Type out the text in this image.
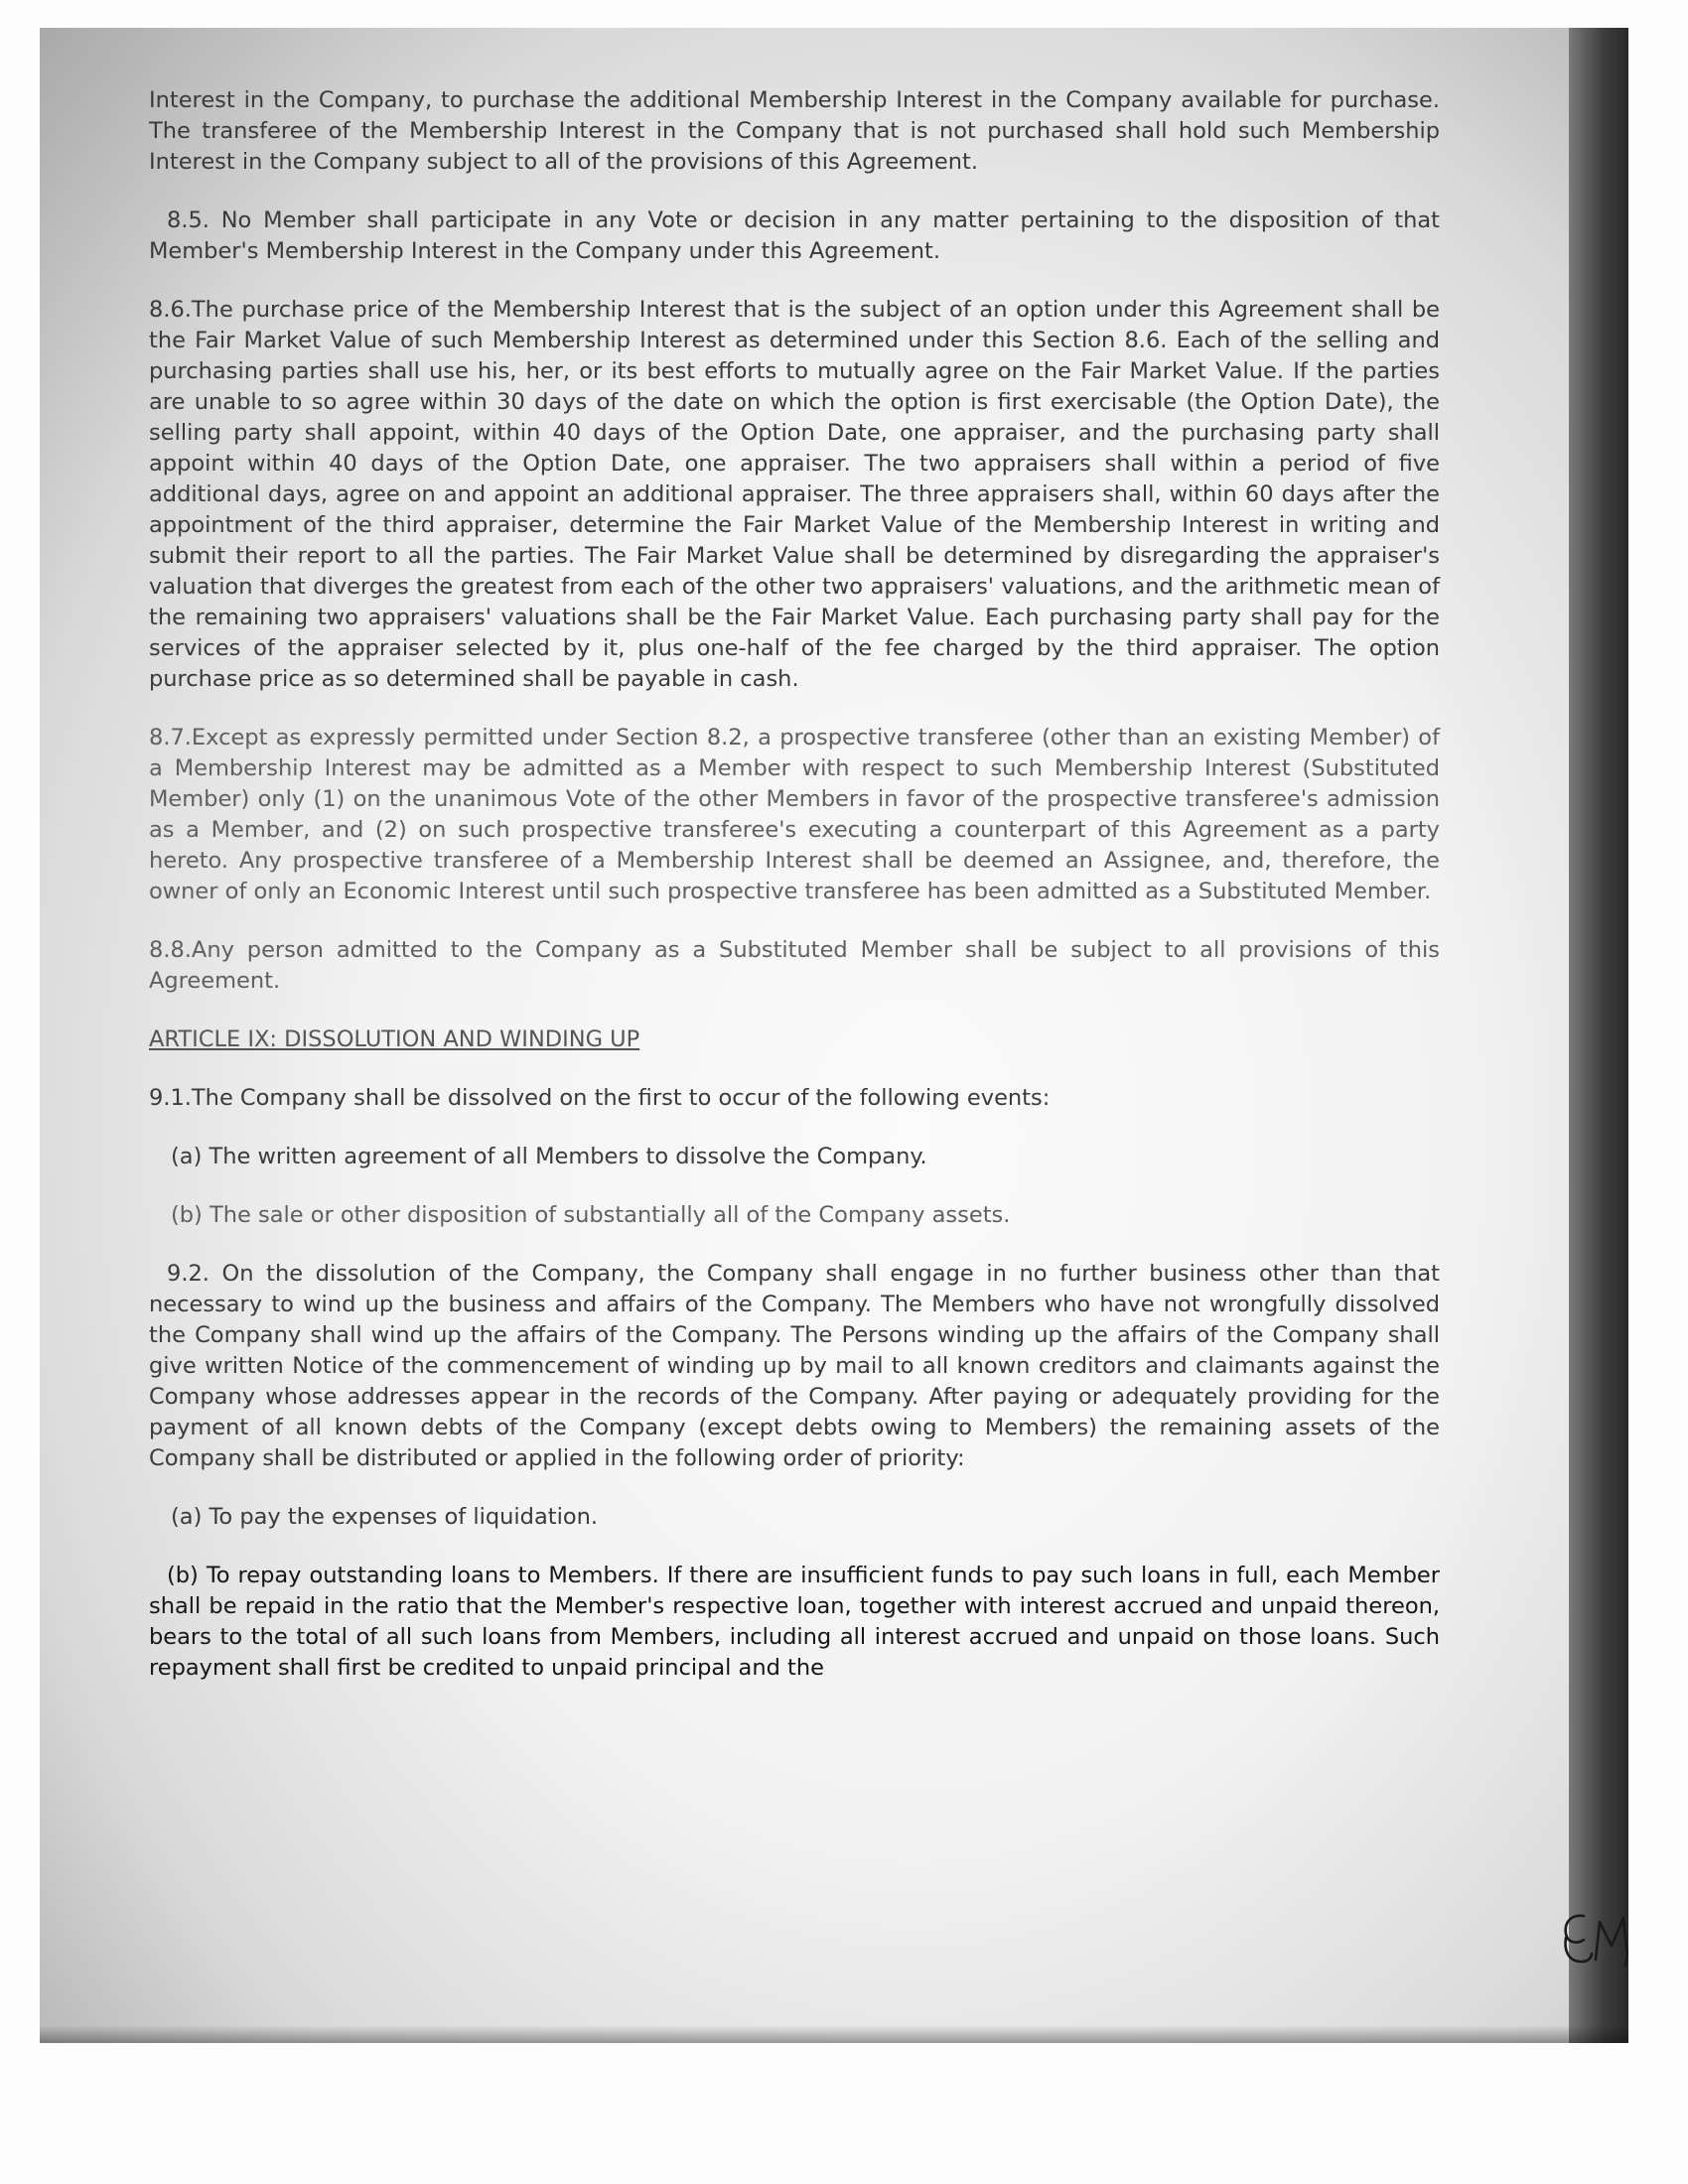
Interest in the Company, to purchase the additional Membership Interest in the Company available for purchase. The transferee of the Membership Interest in the Company that is not purchased shall hold such Membership Interest in the Company subject to all of the provisions of this Agreement.

8.5. No Member shall participate in any Vote or decision in any matter pertaining to the disposition of that Member's Membership Interest in the Company under this Agreement.

8.6.The purchase price of the Membership Interest that is the subject of an option under this Agreement shall be the Fair Market Value of such Membership Interest as determined under this Section 8.6. Each of the selling and purchasing parties shall use his, her, or its best efforts to mutually agree on the Fair Market Value. If the parties are unable to so agree within 30 days of the date on which the option is first exercisable (the Option Date), the selling party shall appoint, within 40 days of the Option Date, one appraiser, and the purchasing party shall appoint within 40 days of the Option Date, one appraiser. The two appraisers shall within a period of five additional days, agree on and appoint an additional appraiser. The three appraisers shall, within 60 days after the appointment of the third appraiser, determine the Fair Market Value of the Membership Interest in writing and submit their report to all the parties. The Fair Market Value shall be determined by disregarding the appraiser's valuation that diverges the greatest from each of the other two appraisers' valuations, and the arithmetic mean of the remaining two appraisers' valuations shall be the Fair Market Value. Each purchasing party shall pay for the services of the appraiser selected by it, plus one-half of the fee charged by the third appraiser. The option purchase price as so determined shall be payable in cash.

8.7.Except as expressly permitted under Section 8.2, a prospective transferee (other than an existing Member) of a Membership Interest may be admitted as a Member with respect to such Membership Interest (Substituted Member) only (1) on the unanimous Vote of the other Members in favor of the prospective transferee's admission as a Member, and (2) on such prospective transferee's executing a counterpart of this Agreement as a party hereto. Any prospective transferee of a Membership Interest shall be deemed an Assignee, and, therefore, the owner of only an Economic Interest until such prospective transferee has been admitted as a Substituted Member.

8.8.Any person admitted to the Company as a Substituted Member shall be subject to all provisions of this Agreement.

ARTICLE IX: DISSOLUTION AND WINDING UP

9.1.The Company shall be dissolved on the first to occur of the following events:

(a) The written agreement of all Members to dissolve the Company.

(b) The sale or other disposition of substantially all of the Company assets.

9.2. On the dissolution of the Company, the Company shall engage in no further business other than that necessary to wind up the business and affairs of the Company. The Members who have not wrongfully dissolved the Company shall wind up the affairs of the Company. The Persons winding up the affairs of the Company shall give written Notice of the commencement of winding up by mail to all known creditors and claimants against the Company whose addresses appear in the records of the Company. After paying or adequately providing for the payment of all known debts of the Company (except debts owing to Members) the remaining assets of the Company shall be distributed or applied in the following order of priority:

(a) To pay the expenses of liquidation.

(b) To repay outstanding loans to Members. If there are insufficient funds to pay such loans in full, each Member shall be repaid in the ratio that the Member's respective loan, together with interest accrued and unpaid thereon, bears to the total of all such loans from Members, including all interest accrued and unpaid on those loans. Such repayment shall first be credited to unpaid principal and the
